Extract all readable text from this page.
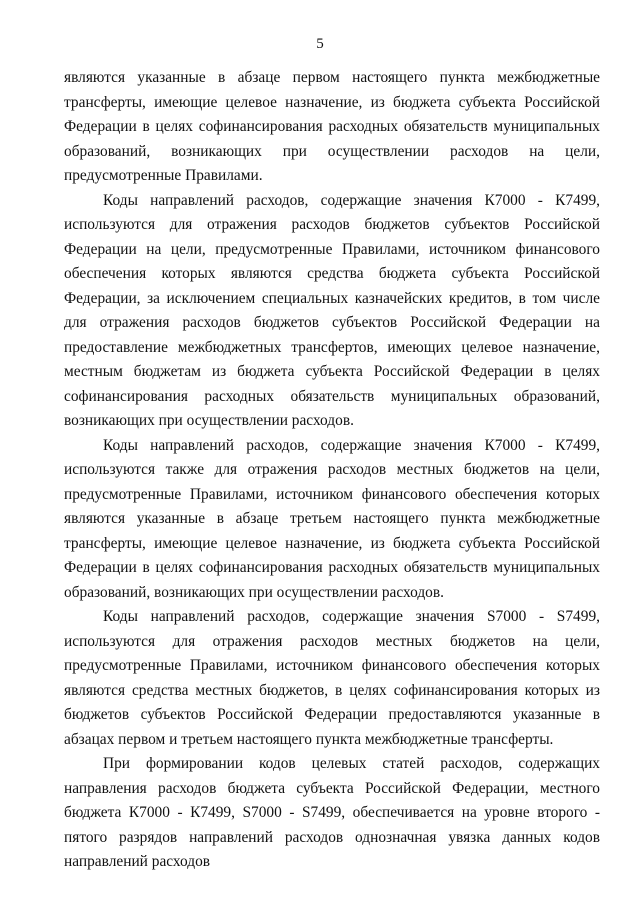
5

являются указанные в абзаце первом настоящего пункта межбюджетные трансферты, имеющие целевое назначение, из бюджета субъекта Российской Федерации в целях софинансирования расходных обязательств муниципальных образований, возникающих при осуществлении расходов на цели, предусмотренные Правилами.

Коды направлений расходов, содержащие значения К7000 - К7499, используются для отражения расходов бюджетов субъектов Российской Федерации на цели, предусмотренные Правилами, источником финансового обеспечения которых являются средства бюджета субъекта Российской Федерации, за исключением специальных казначейских кредитов, в том числе для отражения расходов бюджетов субъектов Российской Федерации на предоставление межбюджетных трансфертов, имеющих целевое назначение, местным бюджетам из бюджета субъекта Российской Федерации в целях софинансирования расходных обязательств муниципальных образований, возникающих при осуществлении расходов.

Коды направлений расходов, содержащие значения К7000 - К7499, используются также для отражения расходов местных бюджетов на цели, предусмотренные Правилами, источником финансового обеспечения которых являются указанные в абзаце третьем настоящего пункта межбюджетные трансферты, имеющие целевое назначение, из бюджета субъекта Российской Федерации в целях софинансирования расходных обязательств муниципальных образований, возникающих при осуществлении расходов.

Коды направлений расходов, содержащие значения S7000 - S7499, используются для отражения расходов местных бюджетов на цели, предусмотренные Правилами, источником финансового обеспечения которых являются средства местных бюджетов, в целях софинансирования которых из бюджетов субъектов Российской Федерации предоставляются указанные в абзацах первом и третьем настоящего пункта межбюджетные трансферты.

При формировании кодов целевых статей расходов, содержащих направления расходов бюджета субъекта Российской Федерации, местного бюджета К7000 - К7499, S7000 - S7499, обеспечивается на уровне второго - пятого разрядов направлений расходов однозначная увязка данных кодов направлений расходов
